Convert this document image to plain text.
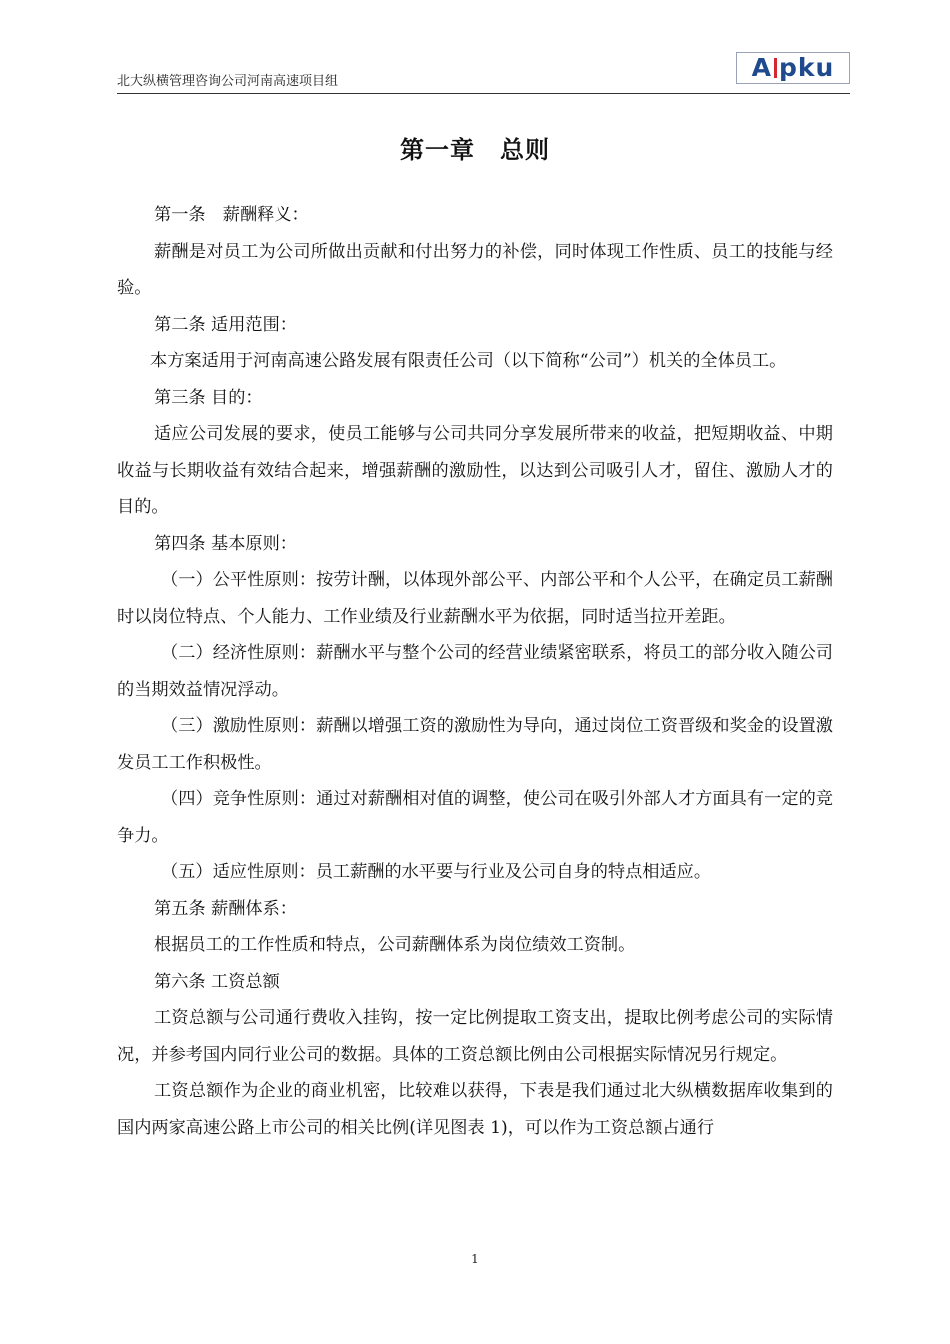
北大纵横管理咨询公司河南高速项目组	A pku
第一章　总则

第一条　薪酬释义：

薪酬是对员工为公司所做出贡献和付出努力的补偿，同时体现工作性质、员工的技能与经验。

第二条 适用范围：

本方案适用于河南高速公路发展有限责任公司（以下简称“公司”）机关的全体员工。

第三条 目的：

适应公司发展的要求，使员工能够与公司共同分享发展所带来的收益，把短期收益、中期收益与长期收益有效结合起来，增强薪酬的激励性，以达到公司吸引人才，留住、激励人才的目的。

第四条 基本原则：

（一）公平性原则：按劳计酬，以体现外部公平、内部公平和个人公平，在确定员工薪酬时以岗位特点、个人能力、工作业绩及行业薪酬水平为依据，同时适当拉开差距。

（二）经济性原则：薪酬水平与整个公司的经营业绩紧密联系，将员工的部分收入随公司的当期效益情况浮动。

（三）激励性原则：薪酬以增强工资的激励性为导向，通过岗位工资晋级和奖金的设置激发员工工作积极性。

（四）竞争性原则：通过对薪酬相对值的调整，使公司在吸引外部人才方面具有一定的竞争力。

（五）适应性原则：员工薪酬的水平要与行业及公司自身的特点相适应。

第五条 薪酬体系：

根据员工的工作性质和特点，公司薪酬体系为岗位绩效工资制。

第六条 工资总额

工资总额与公司通行费收入挂钩，按一定比例提取工资支出，提取比例考虑公司的实际情况，并参考国内同行业公司的数据。具体的工资总额比例由公司根据实际情况另行规定。

工资总额作为企业的商业机密，比较难以获得，下表是我们通过北大纵横数据库收集到的国内两家高速公路上市公司的相关比例(详见图表 1)，可以作为工资总额占通行

1
